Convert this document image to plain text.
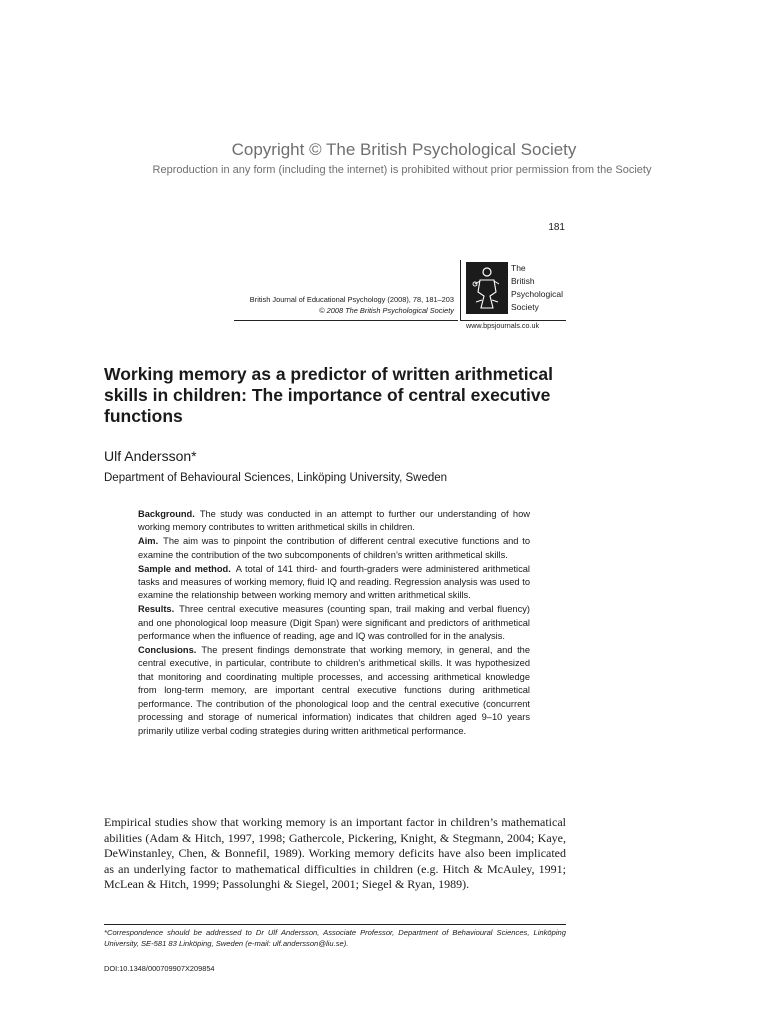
Copyright © The British Psychological Society
Reproduction in any form (including the internet) is prohibited without prior permission from the Society
181
British Journal of Educational Psychology (2008), 78, 181–203
© 2008 The British Psychological Society
The
British
Psychological
Society
www.bpsjournals.co.uk
Working memory as a predictor of written arithmetical skills in children: The importance of central executive functions
Ulf Andersson*
Department of Behavioural Sciences, Linköping University, Sweden

Background. The study was conducted in an attempt to further our understanding of how working memory contributes to written arithmetical skills in children.

Aim. The aim was to pinpoint the contribution of different central executive functions and to examine the contribution of the two subcomponents of children’s written arithmetical skills.

Sample and method. A total of 141 third- and fourth-graders were administered arithmetical tasks and measures of working memory, fluid IQ and reading. Regression analysis was used to examine the relationship between working memory and written arithmetical skills.

Results. Three central executive measures (counting span, trail making and verbal fluency) and one phonological loop measure (Digit Span) were significant and predictors of arithmetical performance when the influence of reading, age and IQ was controlled for in the analysis.

Conclusions. The present findings demonstrate that working memory, in general, and the central executive, in particular, contribute to children’s arithmetical skills. It was hypothesized that monitoring and coordinating multiple processes, and accessing arithmetical knowledge from long-term memory, are important central executive functions during arithmetical performance. The contribution of the phonological loop and the central executive (concurrent processing and storage of numerical information) indicates that children aged 9–10 years primarily utilize verbal coding strategies during written arithmetical performance.

Empirical studies show that working memory is an important factor in children’s mathematical abilities (Adam & Hitch, 1997, 1998; Gathercole, Pickering, Knight, & Stegmann, 2004; Kaye, DeWinstanley, Chen, & Bonnefil, 1989). Working memory deficits have also been implicated as an underlying factor to mathematical difficulties in children (e.g. Hitch & McAuley, 1991; McLean & Hitch, 1999; Passolunghi & Siegel, 2001; Siegel & Ryan, 1989).
*Correspondence should be addressed to Dr Ulf Andersson, Associate Professor, Department of Behavioural Sciences, Linköping University, SE-581 83 Linköping, Sweden (e-mail: ulf.andersson@liu.se).
DOI:10.1348/000709907X209854
